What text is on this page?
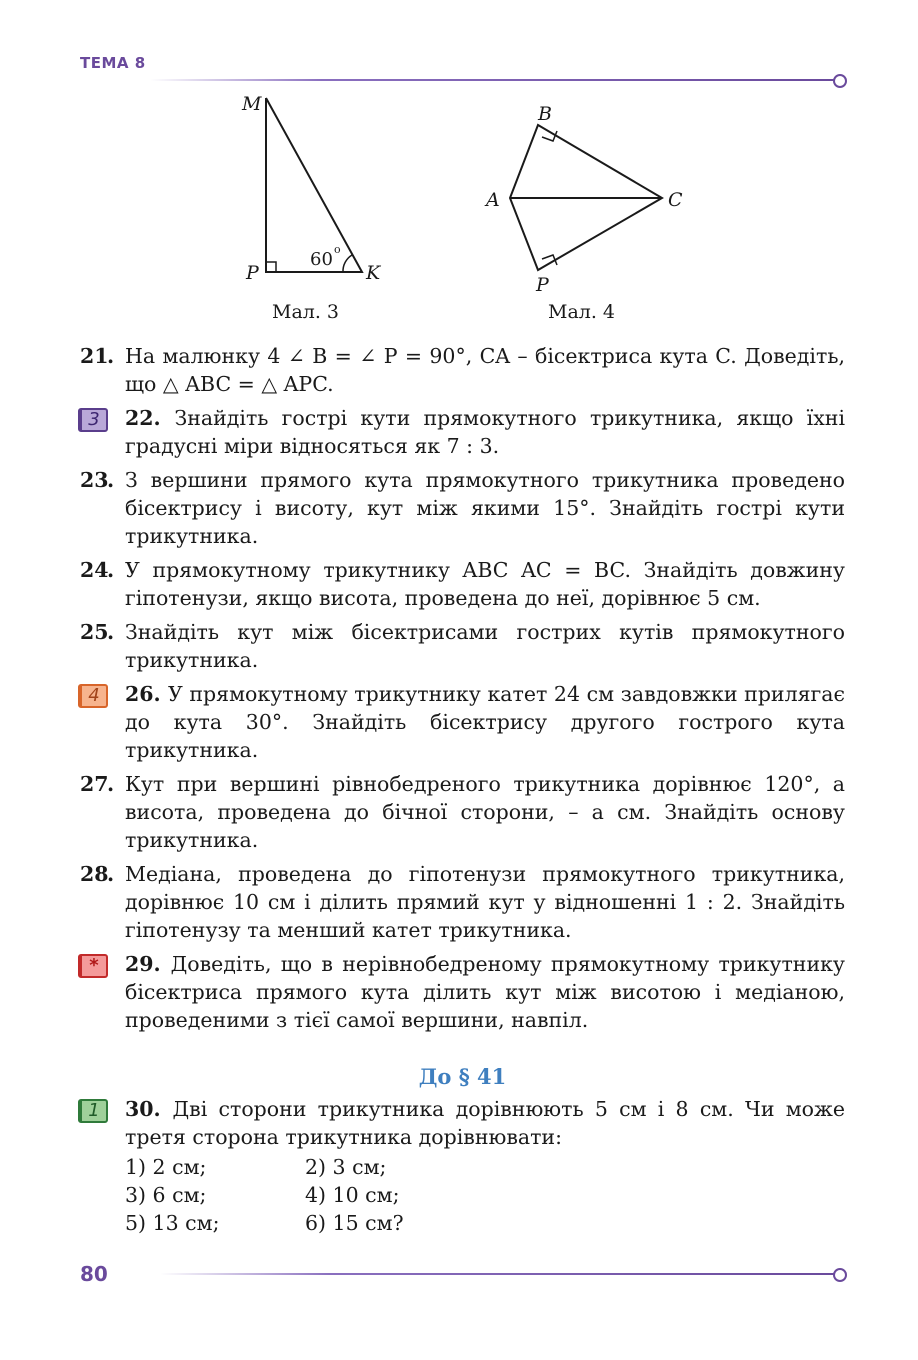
ТЕМА 8
M
P	K
60 o
Мал. 3
A
B
C
P
Мал. 4
21
. На малюнку 4 ∠ B = ∠ P = 90°, CA – бісектриса кута C. Доведіть, що △ ABC = △ APC.
3	22. Знайдіть гострі кути прямокутного трикутника, якщо їхні градусні міри відносяться як 7 : 3.
23
. З вершини прямого кута прямокутного трикутника проведено бісектрису і висоту, кут між якими 15°. Знайдіть гострі кути трикутника.
24
. У прямокутному трикутнику ABC AC = BC. Знайдіть довжину гіпотенузи, якщо висота, проведена до неї, дорівнює 5 см.
25
. Знайдіть кут між бісектрисами гострих кутів прямокутного трикутника.
4	26. У прямокутному трикутнику катет 24 см завдовжки прилягає до кута 30°. Знайдіть бісектрису другого гострого кута трикутника.
27
. Кут при вершині рівнобедреного трикутника дорівнює 120°, а висота, проведена до бічної сторони, – a см. Знайдіть основу трикутника.
28
. Медіана, проведена до гіпотенузи прямокутного трикутника, дорівнює 10 см і ділить прямий кут у відношенні 1 : 2. Знайдіть гіпотенузу та менший катет трикутника.
*	29. Доведіть, що в нерівнобедреному прямокутному трикутнику бісектриса прямого кута ділить кут між висотою і медіаною, проведеними з тієї самої вершини, навпіл.
До § 41
1	30. Дві сторони трикутника дорівнюють 5 см і 8 см. Чи може третя сторона трикутника дорівнювати:
1) 2 см;	2) 3 см;
3) 6 см;	4) 10 см;
5) 13 см;	6) 15 см?
80
